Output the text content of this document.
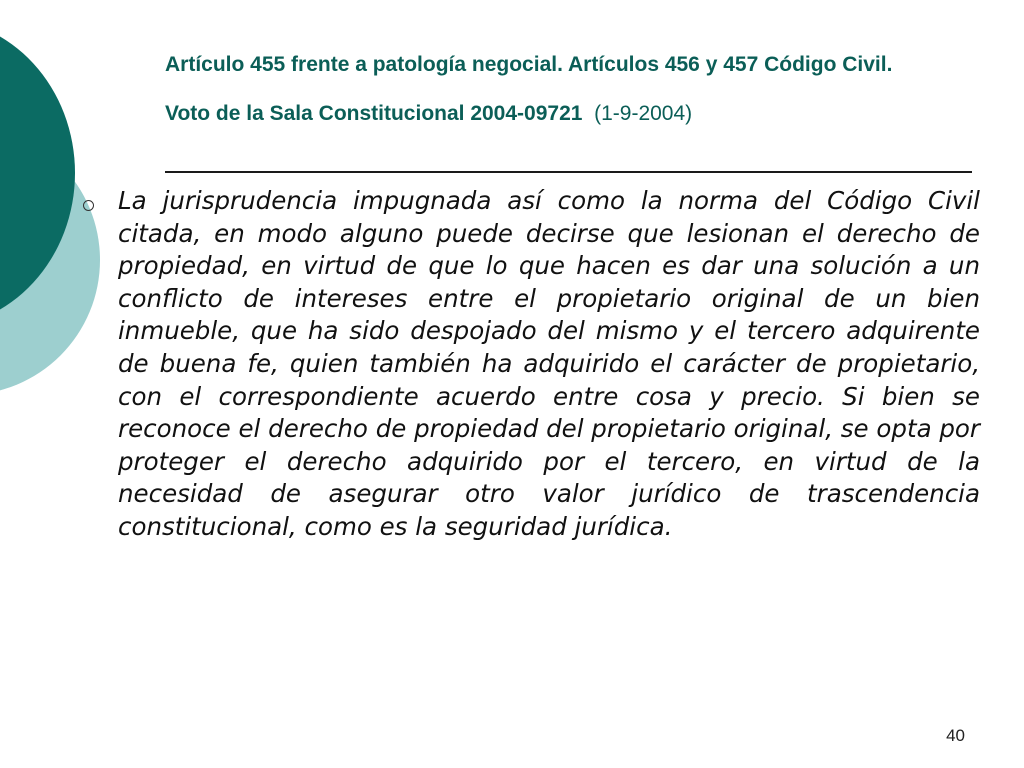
Artículo 455 frente a patología negocial. Artículos 456 y 457 Código Civil. Voto de la Sala Constitucional 2004-09721 (1-9-2004)

La jurisprudencia impugnada así como la norma del Código Civil citada, en modo alguno puede decirse que lesionan el derecho de propiedad, en virtud de que lo que hacen es dar una solución a un conflicto de intereses entre el propietario original de un bien inmueble, que ha sido despojado del mismo y el tercero adquirente de buena fe, quien también ha adquirido el carácter de propietario, con el correspondiente acuerdo entre cosa y precio. Si bien se reconoce el derecho de propiedad del propietario original, se opta por proteger el derecho adquirido por el tercero, en virtud de la necesidad de asegurar otro valor jurídico de trascendencia constitucional, como es la seguridad jurídica.

40
